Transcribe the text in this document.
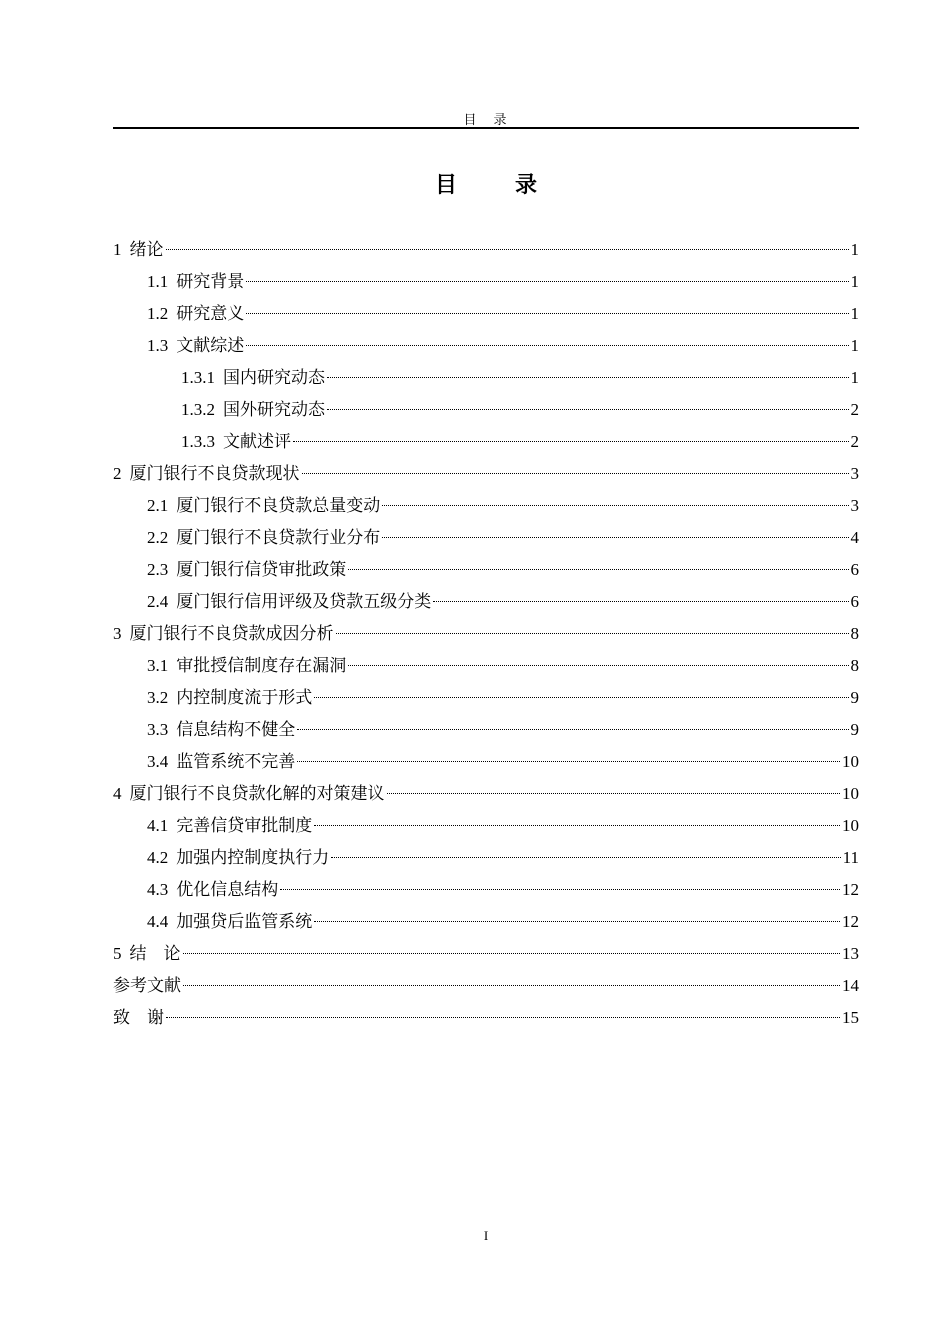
目　录
目　录
1 绪论	1
1.1 研究背景	1
1.2 研究意义	1
1.3 文献综述	1
1.3.1 国内研究动态	1
1.3.2 国外研究动态	2
1.3.3 文献述评	2
2 厦门银行不良贷款现状	3
2.1 厦门银行不良贷款总量变动	3
2.2 厦门银行不良贷款行业分布	4
2.3 厦门银行信贷审批政策	6
2.4 厦门银行信用评级及贷款五级分类	6
3 厦门银行不良贷款成因分析	8
3.1 审批授信制度存在漏洞	8
3.2 内控制度流于形式	9
3.3 信息结构不健全	9
3.4 监管系统不完善	10
4 厦门银行不良贷款化解的对策建议	10
4.1 完善信贷审批制度	10
4.2 加强内控制度执行力	11
4.3 优化信息结构	12
4.4 加强贷后监管系统	12
5 结　论	13
参考文献	14
致　谢	15
I
